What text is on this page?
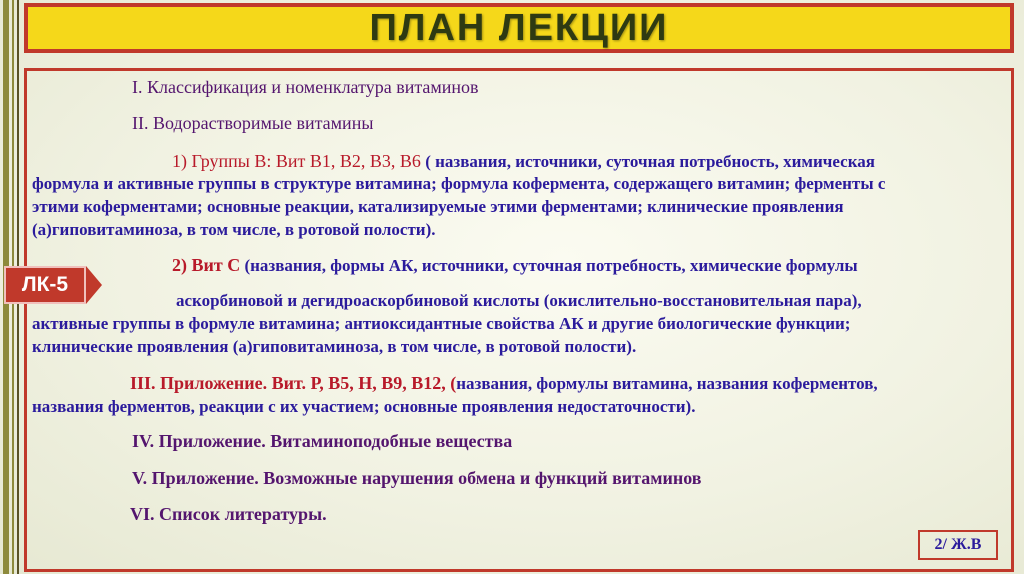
ПЛАН ЛЕКЦИИ
I. Классификация и номенклатура витаминов
II. Водорастворимые витамины
1) Группы В: Вит В1, В2, В3, В6 ( названия, источники, суточная потребность, химическая
формула и активные группы в структуре витамина; формула кофермента, содержащего витамин; ферменты с
этими коферментами; основные реакции, катализируемые этими ферментами; клинические проявления
(а)гиповитаминоза, в том числе, в ротовой полости).
2) Вит С (названия, формы АК, источники, суточная потребность, химические формулы
аскорбиновой и дегидроаскорбиновой кислоты (окислительно-восстановительная пара),
активные группы в формуле витамина; антиоксидантные свойства АК и другие биологические функции;
клинические проявления (а)гиповитаминоза, в том числе, в ротовой полости).
III. Приложение. Вит. Р, В5, Н, В9, В12, (названия, формулы витамина, названия коферментов,
названия ферментов, реакции с их участием; основные проявления недостаточности).
IV. Приложение. Витаминоподобные вещества
V. Приложение. Возможные нарушения обмена и функций витаминов
VI. Список литературы.
ЛК-5
2/ Ж.В
